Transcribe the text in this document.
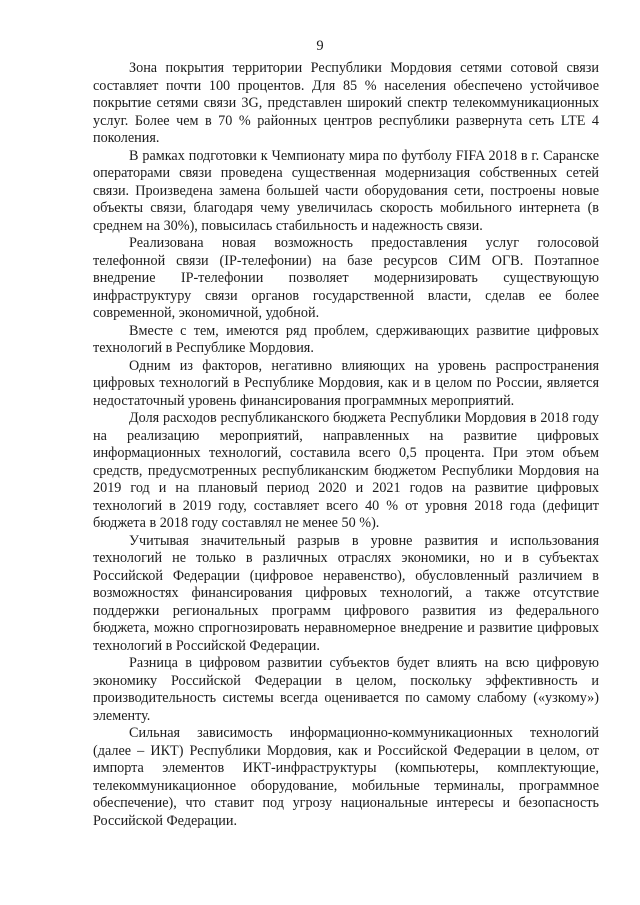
9

Зона покрытия территории Республики Мордовия сетями сотовой связи составляет почти 100 процентов. Для 85 % населения обеспечено устойчивое покрытие сетями связи 3G, представлен широкий спектр телекоммуникационных услуг. Более чем в 70 % районных центров республики развернута сеть LTE 4 поколения.

В рамках подготовки к Чемпионату мира по футболу FIFA 2018 в г. Саранске операторами связи проведена существенная модернизация собственных сетей связи. Произведена замена большей части оборудования сети, построены новые объекты связи, благодаря чему увеличилась скорость мобильного интернета (в среднем на 30%), повысилась стабильность и надежность связи.

Реализована новая возможность предоставления услуг голосовой телефонной связи (IP-телефонии) на базе ресурсов СИМ ОГВ. Поэтапное внедрение IP-телефонии позволяет модернизировать существующую инфраструктуру связи органов государственной власти, сделав ее более современной, экономичной, удобной.

Вместе с тем, имеются ряд проблем, сдерживающих развитие цифровых технологий в Республике Мордовия.

Одним из факторов, негативно влияющих на уровень распространения цифровых технологий в Республике Мордовия, как и в целом по России, является недостаточный уровень финансирования программных мероприятий.

Доля расходов республиканского бюджета Республики Мордовия в 2018 году на реализацию мероприятий, направленных на развитие цифровых информационных технологий, составила всего 0,5 процента. При этом объем средств, предусмотренных республиканским бюджетом Республики Мордовия на 2019 год и на плановый период 2020 и 2021 годов на развитие цифровых технологий в 2019 году, составляет всего 40 % от уровня 2018 года (дефицит бюджета в 2018 году составлял не менее 50 %).

Учитывая значительный разрыв в уровне развития и использования технологий не только в различных отраслях экономики, но и в субъектах Российской Федерации (цифровое неравенство), обусловленный различием в возможностях финансирования цифровых технологий, а также отсутствие поддержки региональных программ цифрового развития из федерального бюджета, можно спрогнозировать неравномерное внедрение и развитие цифровых технологий в Российской Федерации.

Разница в цифровом развитии субъектов будет влиять на всю цифровую экономику Российской Федерации в целом, поскольку эффективность и производительность системы всегда оценивается по самому слабому («узкому») элементу.

Сильная зависимость информационно-коммуникационных технологий (далее – ИКТ) Республики Мордовия, как и Российской Федерации в целом, от импорта элементов ИКТ-инфраструктуры (компьютеры, комплектующие, телекоммуникационное оборудование, мобильные терминалы, программное обеспечение), что ставит под угрозу национальные интересы и безопасность Российской Федерации.
